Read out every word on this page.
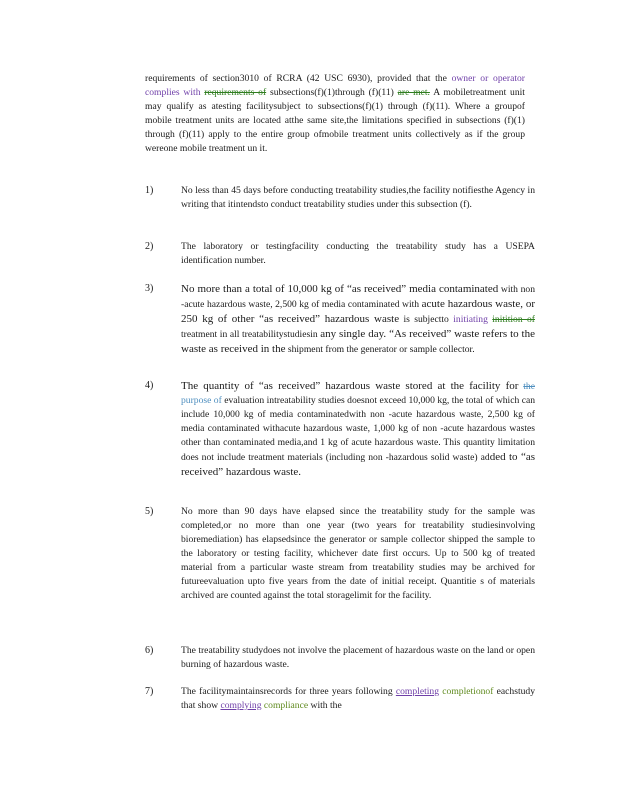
requirements of section3010 of RCRA (42 USC 6930), provided that the owner or operator complies with requirements of subsections(f)(1)through (f)(11) are met. A mobiletreatment unit may qualify as atesting facilitysubject to subsections(f)(1) through (f)(11). Where a groupof mobile treatment units are located atthe same site,the limitations specified in subsections (f)(1) through (f)(11) apply to the entire group ofmobile treatment units collectively as if the group wereone mobile treatment un it.
1)	No less than 45 days before conducting treatability studies,the facility notifiesthe Agency in writing that itintendsto conduct treatability studies under this subsection (f).
2)	The laboratory or testingfacility conducting the treatability study has a USEPA identification number.
3)	No more than a total of 10,000 kg of “as received” media contaminated with non -acute hazardous waste, 2,500 kg of media contaminated with acute hazardous waste, or 250 kg of other “as received” hazardous waste is subjectto initiating initition of treatment in all treatabilitystudiesin any single day. “As received” waste refers to the waste as received in the shipment from the generator or sample collector.
4)	The quantity of “as received” hazardous waste stored at the facility for the purpose of evaluation intreatability studies doesnot exceed 10,000 kg, the total of which can include 10,000 kg of media contaminatedwith non -acute hazardous waste, 2,500 kg of media contaminated withacute hazardous waste, 1,000 kg of non -acute hazardous wastes other than contaminated media,and 1 kg of acute hazardous waste. This quantity limitation does not include treatment materials (including non -hazardous solid waste) added to “as received” hazardous waste.
5)	No more than 90 days have elapsed since the treatability study for the sample was completed,or no more than one year (two years for treatability studiesinvolving bioremediation) has elapsedsince the generator or sample collector shipped the sample to the laboratory or testing facility, whichever date first occurs. Up to 500 kg of treated material from a particular waste stream from treatability studies may be archived for futureevaluation upto five years from the date of initial receipt. Quantitie s of materials archived are counted against the total storagelimit for the facility.
6)	The treatability studydoes not involve the placement of hazardous waste on the land or open burning of hazardous waste.
7)	The facilitymaintainsrecords for three years following completing completionof eachstudy that show complying compliance with the
